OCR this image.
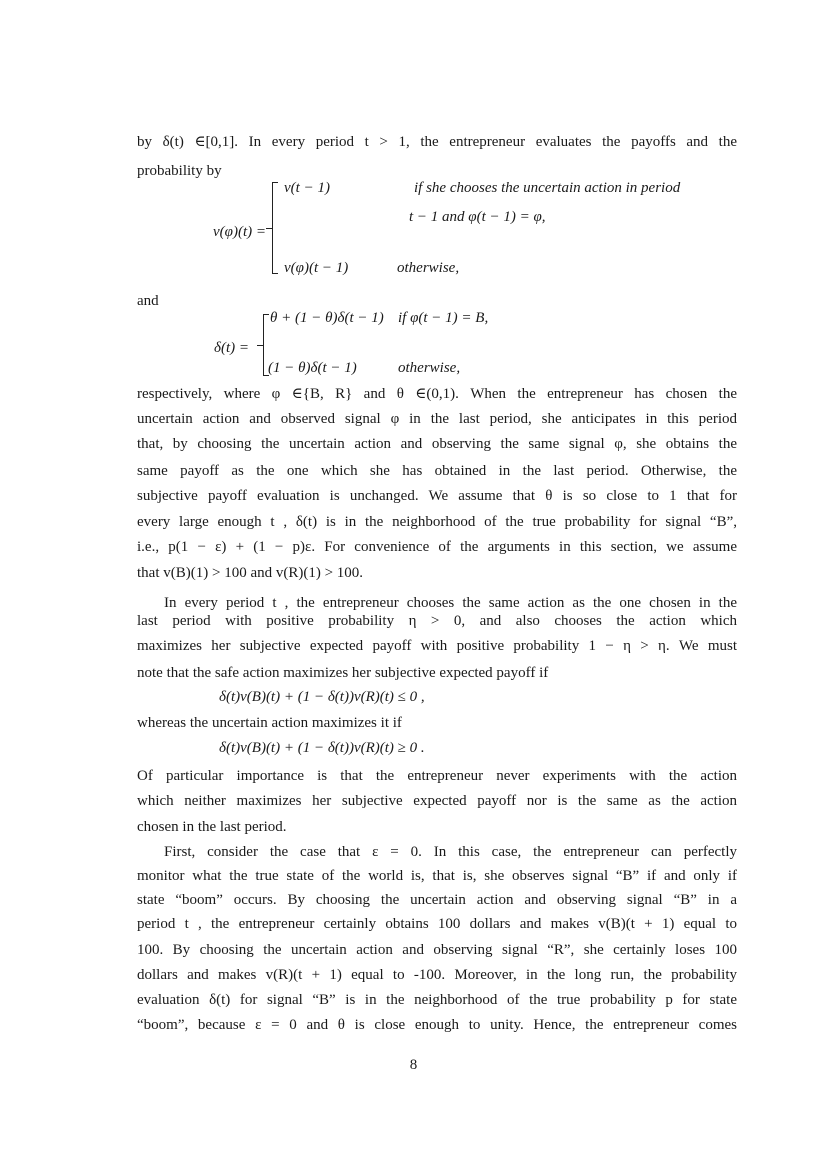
by δ(t) ∈[0,1]. In every period t > 1, the entrepreneur evaluates the payoffs and the
probability by
v(φ)(t) =
v(t − 1)	if she chooses the uncertain action in period
t − 1 and φ(t − 1) = φ,
v(φ)(t − 1)	otherwise,
and
δ(t) =
θ + (1 − θ)δ(t − 1) if φ(t − 1) = B,
(1 − θ)δ(t − 1)	otherwise,
respectively, where φ ∈{B, R} and θ ∈(0,1). When the entrepreneur has chosen the
uncertain action and observed signal φ in the last period, she anticipates in this period
that, by choosing the uncertain action and observing the same signal φ, she obtains the
same payoff as the one which she has obtained in the last period. Otherwise, the
subjective payoff evaluation is unchanged. We assume that θ is so close to 1 that for
every large enough t , δ(t) is in the neighborhood of the true probability for signal “B”,
i.e., p(1 − ε) + (1 − p)ε. For convenience of the arguments in this section, we assume
that v(B)(1) > 100 and v(R)(1) > 100.
In every period t , the entrepreneur chooses the same action as the one chosen in the
last period with positive probability η > 0, and also chooses the action which
maximizes her subjective expected payoff with positive probability 1 − η > η. We must
note that the safe action maximizes her subjective expected payoff if
δ(t)v(B)(t) + (1 − δ(t))v(R)(t) ≤ 0 ,
whereas the uncertain action maximizes it if
δ(t)v(B)(t) + (1 − δ(t))v(R)(t) ≥ 0 .
Of particular importance is that the entrepreneur never experiments with the action
which neither maximizes her subjective expected payoff nor is the same as the action
chosen in the last period.
First, consider the case that ε = 0. In this case, the entrepreneur can perfectly
monitor what the true state of the world is, that is, she observes signal “B” if and only if
state “boom” occurs. By choosing the uncertain action and observing signal “B” in a
period t , the entrepreneur certainly obtains 100 dollars and makes v(B)(t + 1) equal to
100. By choosing the uncertain action and observing signal “R”, she certainly loses 100
dollars and makes v(R)(t + 1) equal to -100. Moreover, in the long run, the probability
evaluation δ(t) for signal “B” is in the neighborhood of the true probability p for state
“boom”, because ε = 0 and θ is close enough to unity. Hence, the entrepreneur comes
8
